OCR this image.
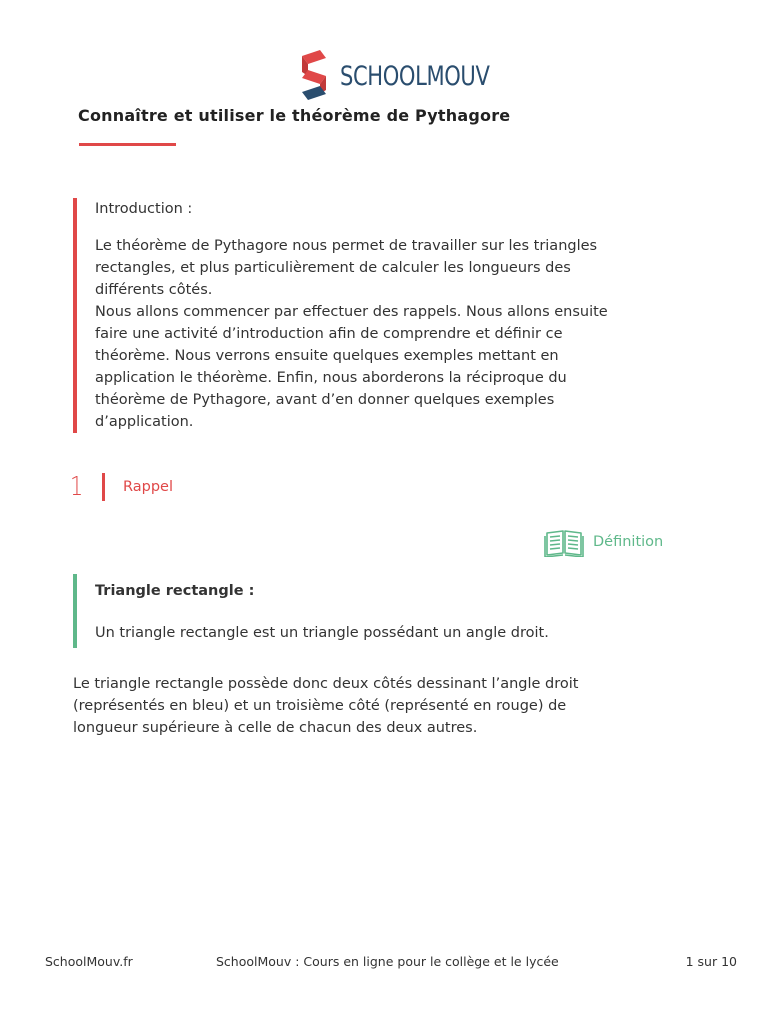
SCHOOLMOUV
Connaître et utiliser le théorème de Pythagore
Introduction :

Le théorème de Pythagore nous permet de travailler sur les triangles

rectangles, et plus particulièrement de calculer les longueurs des

différents côtés.

Nous allons commencer par effectuer des rappels. Nous allons ensuite

faire une activité d’introduction afin de comprendre et définir ce

théorème. Nous verrons ensuite quelques exemples mettant en

application le théorème. Enfin, nous aborderons la réciproque du

théorème de Pythagore, avant d’en donner quelques exemples

d’application.

1	Rappel
Définition
Triangle rectangle :
Un triangle rectangle est un triangle possédant un angle droit.

Le triangle rectangle possède donc deux côtés dessinant l’angle droit

(représentés en bleu) et un troisième côté (représenté en rouge) de

longueur supérieure à celle de chacun des deux autres.

SchoolMouv.fr	SchoolMouv : Cours en ligne pour le collège et le lycée	1 sur 10
